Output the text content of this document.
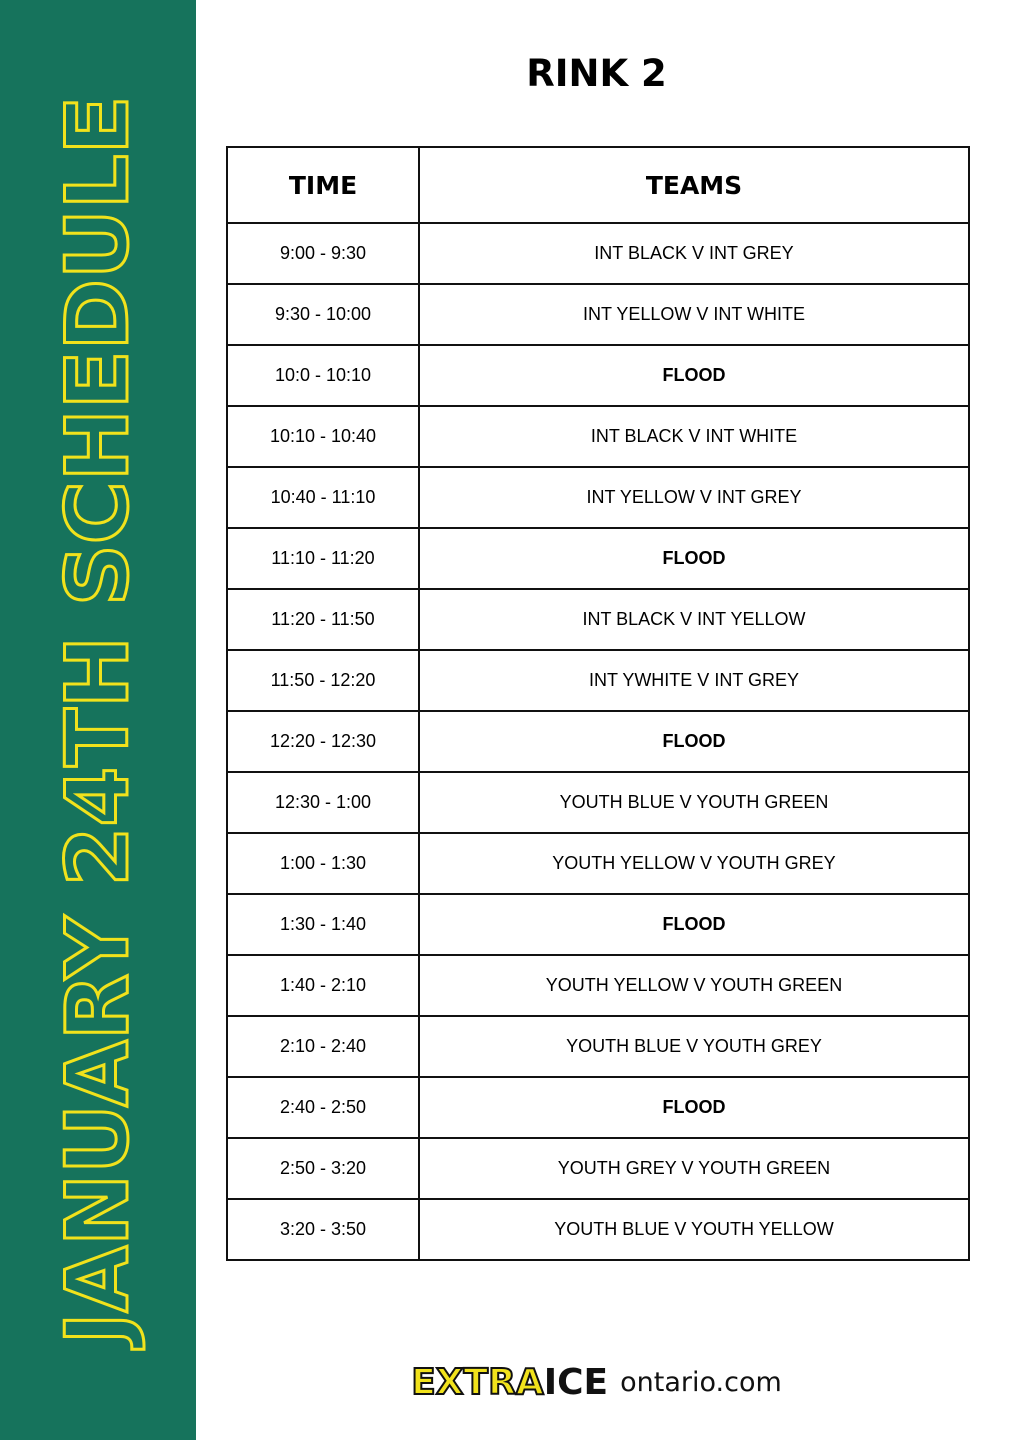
JANUARY 24TH SCHEDULE
RINK 2
TIME	TEAMS
9:00 - 9:30	INT BLACK V INT GREY
9:30 - 10:00	INT YELLOW V INT WHITE
10:0 - 10:10	FLOOD
10:10 - 10:40	INT BLACK V INT WHITE
10:40 - 11:10	INT YELLOW V INT GREY
11:10 - 11:20	FLOOD
11:20 - 11:50	INT BLACK V INT YELLOW
11:50 - 12:20	INT YWHITE V INT GREY
12:20 - 12:30	FLOOD
12:30 - 1:00	YOUTH BLUE V YOUTH GREEN
1:00 - 1:30	YOUTH YELLOW V YOUTH GREY
1:30 - 1:40	FLOOD
1:40 - 2:10	YOUTH YELLOW V YOUTH GREEN
2:10 - 2:40	YOUTH BLUE V YOUTH GREY
2:40 - 2:50	FLOOD
2:50 - 3:20	YOUTH GREY V YOUTH GREEN
3:20 - 3:50	YOUTH BLUE V YOUTH YELLOW
EXTRAICE ontario.com
